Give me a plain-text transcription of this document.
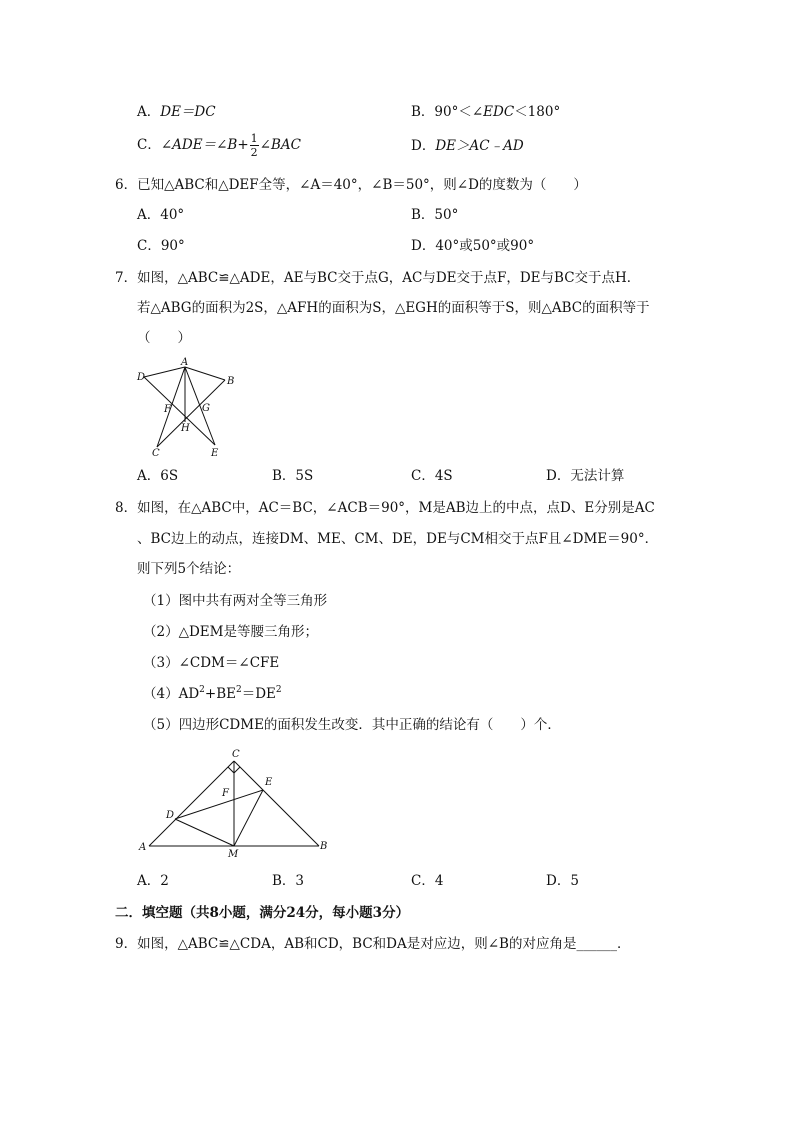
A．DE＝DC	B．90°＜∠EDC＜180°
C．∠ADE＝∠B+ $\frac{1}{2}$ ∠BAC	D．DE＞AC﹣AD
6．已知△ABC和△DEF全等，∠A＝40°，∠B＝50°，则∠D的度数为（　　）
A．40°	B．50°
C．90°	D．40°或50°或90°
7．如图，△ABC≌△ADE，AE与BC交于点G，AC与DE交于点F，DE与BC交于点H．
若△ABG的面积为2S，△AFH的面积为S，△EGH的面积等于S，则△ABC的面积等于
（　　）
A
D	B
F	G
H
C	E
A．6S	B．5S	C．4S	D．无法计算
8．如图，在△ABC中，AC＝BC，∠ACB＝90°，M是AB边上的中点，点D、E分别是AC
、BC边上的动点，连接DM、ME、CM、DE，DE与CM相交于点F且∠DME＝90°．
则下列5个结论：
（1）图中共有两对全等三角形
（2）△DEM是等腰三角形；
（3）∠CDM＝∠CFE
$(4)AD^2+BE^2=DE^2$
（5）四边形CDME的面积发生改变．其中正确的结论有（　　）个．
C
E
F
D
A
M
B
A．2	B．3	C．4	D．5
二．填空题（共8小题，满分24分，每小题3分）
9．如图，△ABC≌△CDA，AB和CD，BC和DA是对应边，则∠B的对应角是______．
